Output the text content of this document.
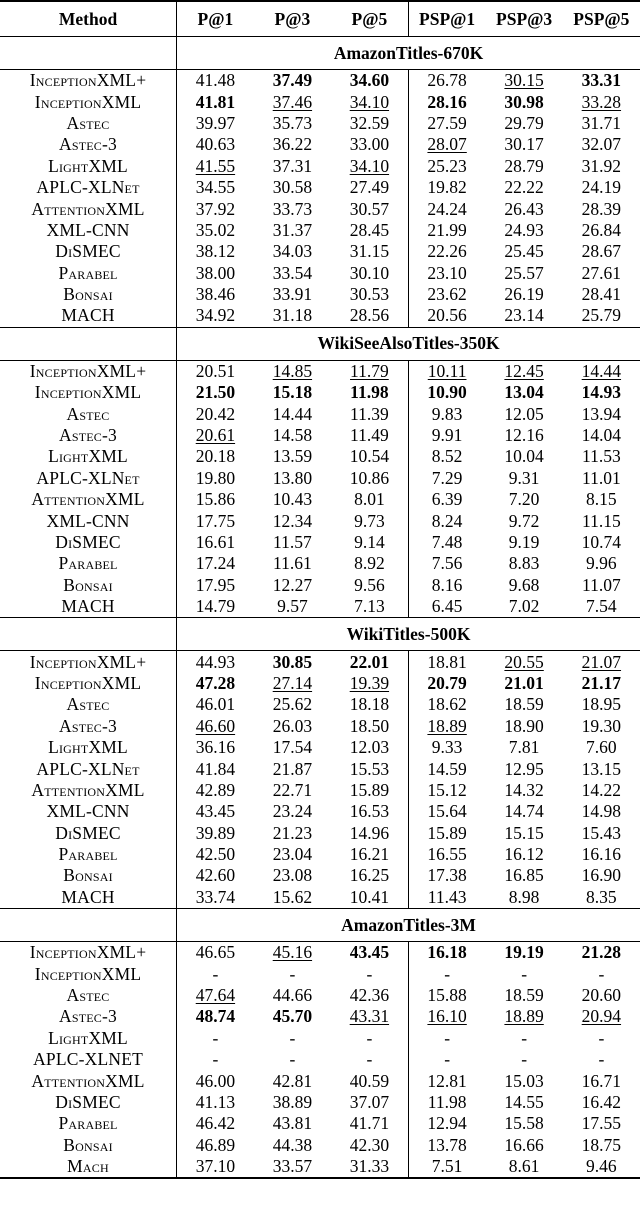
Method	P@1	P@3	P@5	PSP@1	PSP@3	PSP@5
	AmazonTitles-670K					
InceptionXML+	41.48	37.49	34.60	26.78	30.15	33.31
InceptionXML	41.81	37.46	34.10	28.16	30.98	33.28
Astec	39.97	35.73	32.59	27.59	29.79	31.71
Astec-3	40.63	36.22	33.00	28.07	30.17	32.07
LightXML	41.55	37.31	34.10	25.23	28.79	31.92
APLC-XLNet	34.55	30.58	27.49	19.82	22.22	24.19
AttentionXML	37.92	33.73	30.57	24.24	26.43	28.39
XML-CNN	35.02	31.37	28.45	21.99	24.93	26.84
DiSMEC	38.12	34.03	31.15	22.26	25.45	28.67
Parabel	38.00	33.54	30.10	23.10	25.57	27.61
Bonsai	38.46	33.91	30.53	23.62	26.19	28.41
MACH	34.92	31.18	28.56	20.56	23.14	25.79
	WikiSeeAlsoTitles-350K					
InceptionXML+	20.51	14.85	11.79	10.11	12.45	14.44
InceptionXML	21.50	15.18	11.98	10.90	13.04	14.93
Astec	20.42	14.44	11.39	9.83	12.05	13.94
Astec-3	20.61	14.58	11.49	9.91	12.16	14.04
LightXML	20.18	13.59	10.54	8.52	10.04	11.53
APLC-XLNet	19.80	13.80	10.86	7.29	9.31	11.01
AttentionXML	15.86	10.43	8.01	6.39	7.20	8.15
XML-CNN	17.75	12.34	9.73	8.24	9.72	11.15
DiSMEC	16.61	11.57	9.14	7.48	9.19	10.74
Parabel	17.24	11.61	8.92	7.56	8.83	9.96
Bonsai	17.95	12.27	9.56	8.16	9.68	11.07
MACH	14.79	9.57	7.13	6.45	7.02	7.54
	WikiTitles-500K					
InceptionXML+	44.93	30.85	22.01	18.81	20.55	21.07
InceptionXML	47.28	27.14	19.39	20.79	21.01	21.17
Astec	46.01	25.62	18.18	18.62	18.59	18.95
Astec-3	46.60	26.03	18.50	18.89	18.90	19.30
LightXML	36.16	17.54	12.03	9.33	7.81	7.60
APLC-XLNet	41.84	21.87	15.53	14.59	12.95	13.15
AttentionXML	42.89	22.71	15.89	15.12	14.32	14.22
XML-CNN	43.45	23.24	16.53	15.64	14.74	14.98
DiSMEC	39.89	21.23	14.96	15.89	15.15	15.43
Parabel	42.50	23.04	16.21	16.55	16.12	16.16
Bonsai	42.60	23.08	16.25	17.38	16.85	16.90
MACH	33.74	15.62	10.41	11.43	8.98	8.35
	AmazonTitles-3M					
InceptionXML+	46.65	45.16	43.45	16.18	19.19	21.28
InceptionXML	-	-	-	-	-	-
Astec	47.64	44.66	42.36	15.88	18.59	20.60
Astec-3	48.74	45.70	43.31	16.10	18.89	20.94
LightXML	-	-	-	-	-	-
APLC-XLNET	-	-	-	-	-	-
AttentionXML	46.00	42.81	40.59	12.81	15.03	16.71
DiSMEC	41.13	38.89	37.07	11.98	14.55	16.42
Parabel	46.42	43.81	41.71	12.94	15.58	17.55
Bonsai	46.89	44.38	42.30	13.78	16.66	18.75
Mach	37.10	33.57	31.33	7.51	8.61	9.46
